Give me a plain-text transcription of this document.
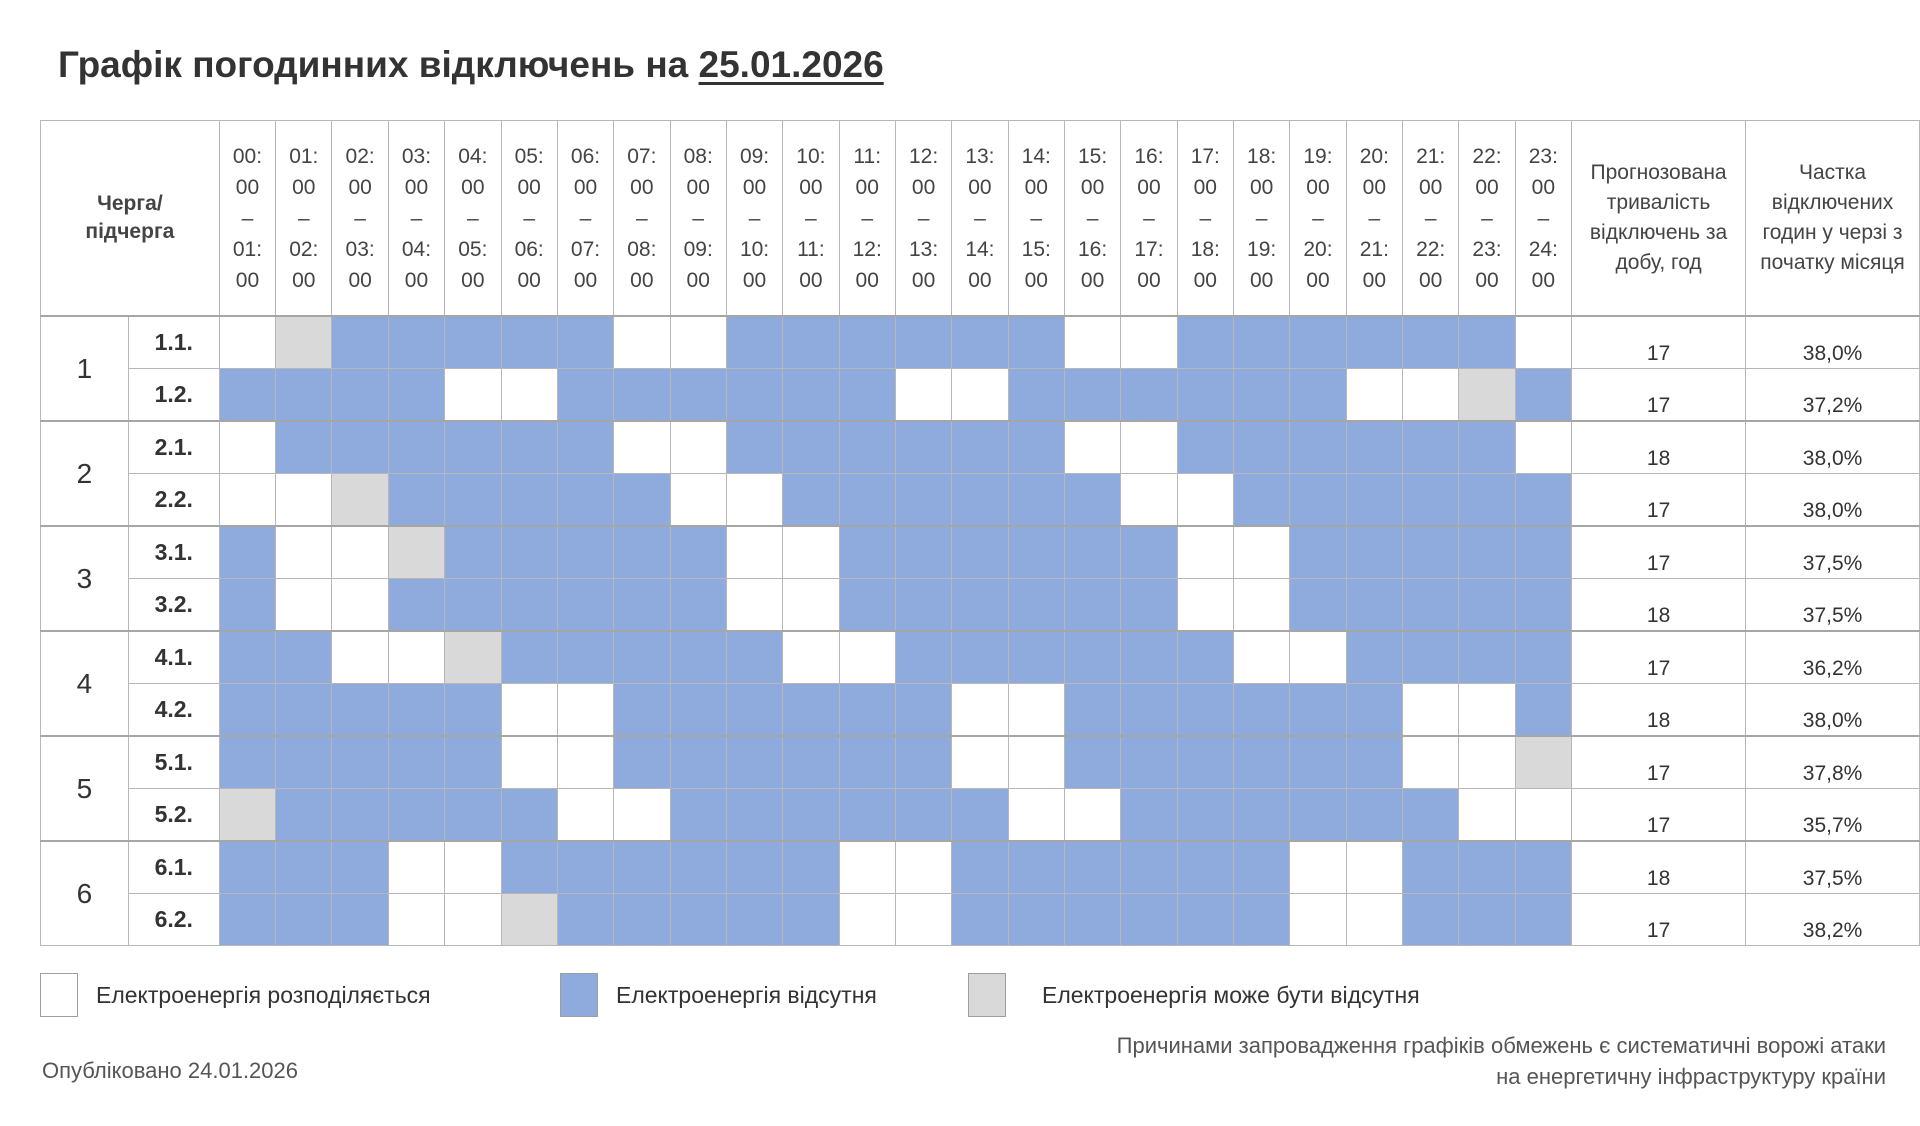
Графік погодинних відключень на 25.01.2026
Черга/
підчерга		00:
00
–
01:
00	01:
00
–
02:
00	02:
00
–
03:
00	03:
00
–
04:
00	04:
00
–
05:
00	05:
00
–
06:
00	06:
00
–
07:
00	07:
00
–
08:
00	08:
00
–
09:
00	09:
00
–
10:
00	10:
00
–
11:
00	11:
00
–
12:
00	12:
00
–
13:
00	13:
00
–
14:
00	14:
00
–
15:
00	15:
00
–
16:
00	16:
00
–
17:
00	17:
00
–
18:
00	18:
00
–
19:
00	19:
00
–
20:
00	20:
00
–
21:
00	21:
00
–
22:
00	22:
00
–
23:
00	23:
00
–
24:
00	Прогнозована тривалість відключень за добу, год	Частка відключених годин у черзі з початку місяця
1	1.1.																									17	38,0%
	1.2.																									17	37,2%
2	2.1.																									18	38,0%
	2.2.																									17	38,0%
3	3.1.																									17	37,5%
	3.2.																									18	37,5%
4	4.1.																									17	36,2%
	4.2.																									18	38,0%
5	5.1.																									17	37,8%
	5.2.																									17	35,7%
6	6.1.																									18	37,5%
	6.2.																									17	38,2%
Електроенергія розподіляється	Електроенергія відсутня	Електроенергія може бути відсутня
Опубліковано 24.01.2026
Причинами запровадження графіків обмежень є систематичні ворожі атаки
на енергетичну інфраструктуру країни
